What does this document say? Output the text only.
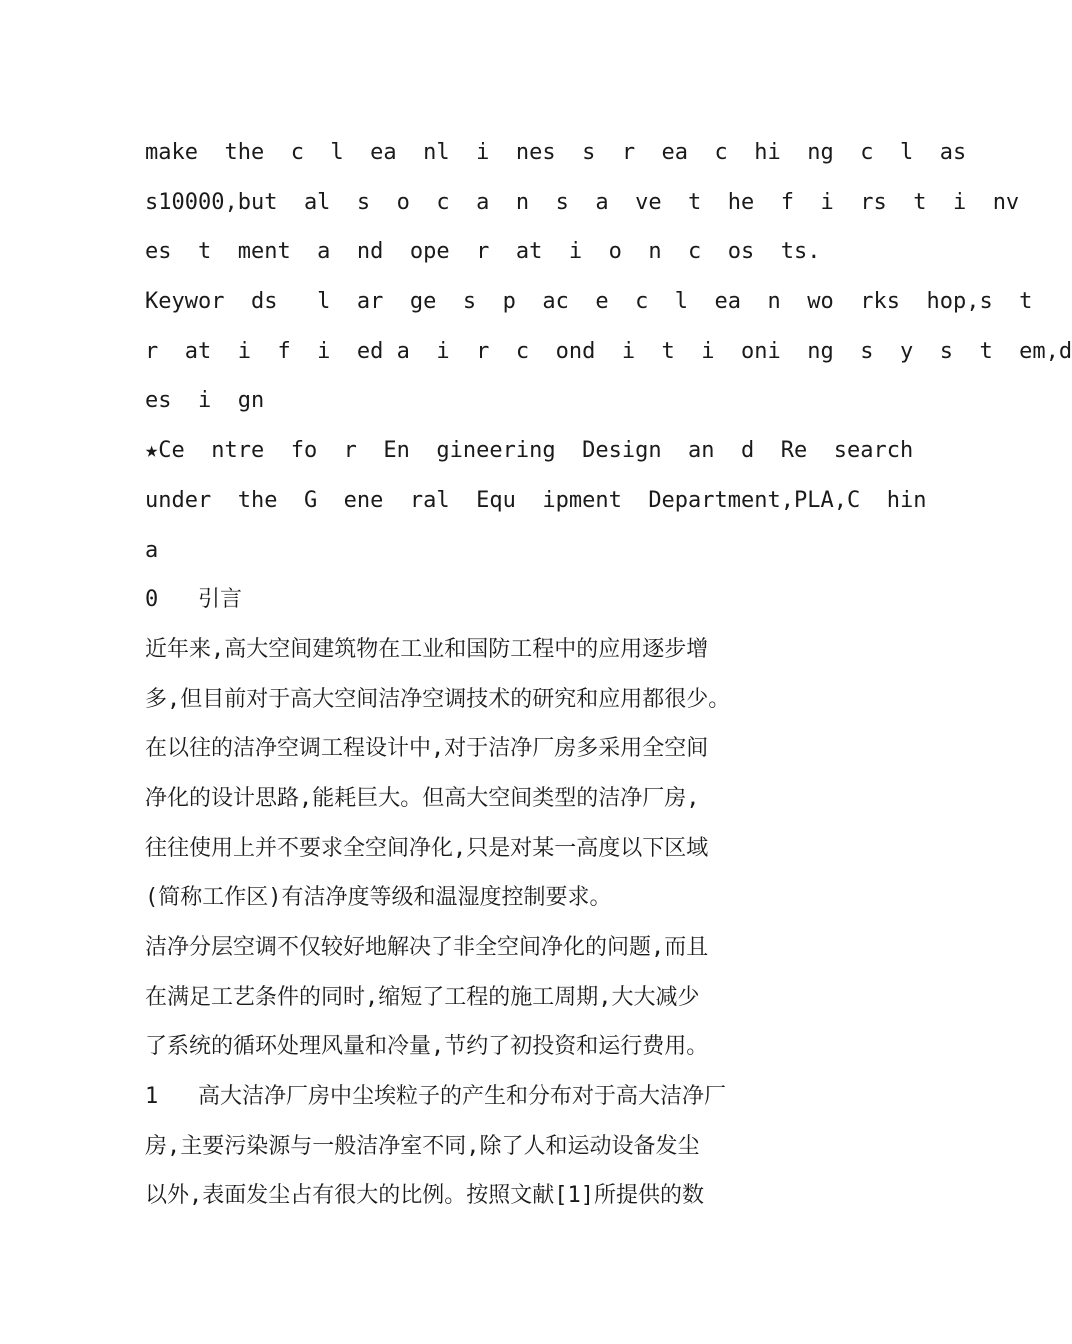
make  the  c  l  ea  nl  i  nes  s  r  ea  c  hi  ng  c  l  as
s10000,but  al  s  o  c  a  n  s  a  ve  t  he  f  i  rs  t  i  nv
es  t  ment  a  nd  ope  r  at  i  o  n  c  os  ts.
Keywor  ds   l  ar  ge  s  p  ac  e  c  l  ea  n  wo  rks  hop,s  t
r  at  i  f  i  ed a  i  r  c  ond  i  t  i  oni  ng  s  y  s  t  em,d
es  i  gn
★Ce  ntre  fo  r  En  gineering  Design  an  d  Re  search
under  the  G  ene  ral  Equ  ipment  Department,PLA,C  hin
a
0   引言
近年来,高大空间建筑物在工业和国防工程中的应用逐步增
多,但目前对于高大空间洁净空调技术的研究和应用都很少。
在以往的洁净空调工程设计中,对于洁净厂房多采用全空间
净化的设计思路,能耗巨大。但高大空间类型的洁净厂房,
往往使用上并不要求全空间净化,只是对某一高度以下区域
(简称工作区)有洁净度等级和温湿度控制要求。
洁净分层空调不仅较好地解决了非全空间净化的问题,而且
在满足工艺条件的同时,缩短了工程的施工周期,大大减少
了系统的循环处理风量和冷量,节约了初投资和运行费用。
1   高大洁净厂房中尘埃粒子的产生和分布对于高大洁净厂
房,主要污染源与一般洁净室不同,除了人和运动设备发尘
以外,表面发尘占有很大的比例。按照文献[1]所提供的数
